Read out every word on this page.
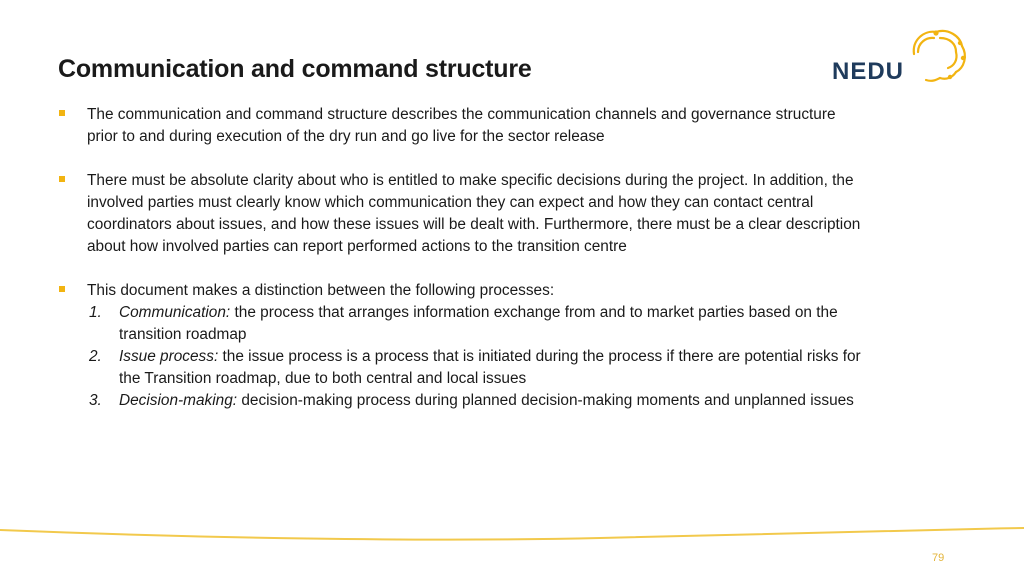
Communication and command structure	NEDU
The communication and command structure describes the communication channels and governance structure prior to and during execution of the dry run and go live for the sector release
There must be absolute clarity about who is entitled to make specific decisions during the project. In addition, the involved parties must clearly know which communication they can expect and how they can contact central coordinators about issues, and how these issues will be dealt with. Furthermore, there must be a clear description about how involved parties can report performed actions to the transition centre
This document makes a distinction between the following processes:
1. Communication: the process that arranges information exchange from and to market parties based on the transition roadmap
2. Issue process: the issue process is a process that is initiated during the process if there are potential risks for the Transition roadmap, due to both central and local issues
3. Decision-making: decision-making process during planned decision-making moments and unplanned issues
79
